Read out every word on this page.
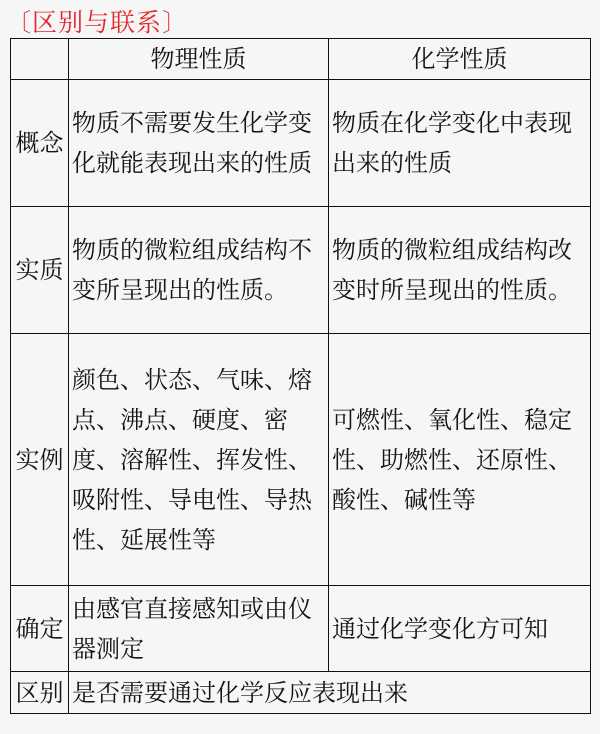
〔 区别与联系 〕
	物理性质	化学性质
概念	物质不需要发生化学变化就能表现出来的性质	物质在化学变化中表现出来的性质
实质	物质的微粒组成结构不变所呈现出的性质。	物质的微粒组成结构改变时所呈现出的性质。
实例	颜色、状态、气味、熔点、沸点、硬度、密度、溶解性、挥发性、吸附性、导电性、导热性、延展性等	可燃性、氧化性、稳定性、助燃性、还原性、酸性、碱性等
确定	由感官直接感知或由仪器测定	通过化学变化方可知
区别	是否需要通过化学反应表现出来	
